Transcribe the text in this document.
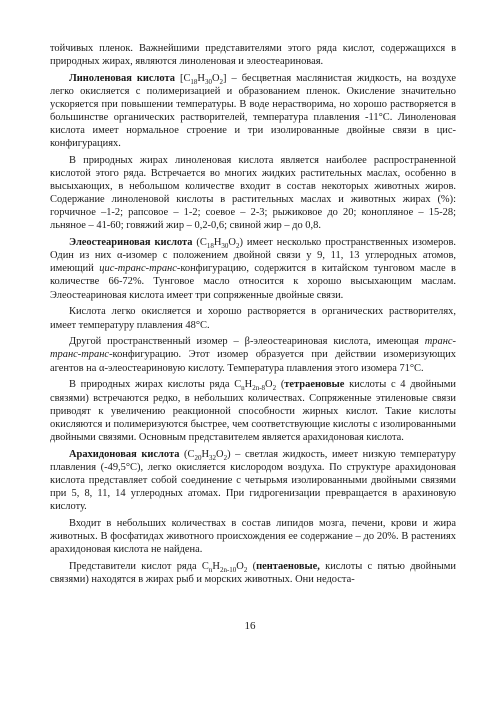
тойчивых пленок. Важнейшими представителями этого ряда кислот, содержащихся в природных жирах, являются линоленовая и элеостеариновая.

Линоленовая кислота $[C_{18}H_{30}O_2]$ – бесцветная маслянистая жидкость, на воздухе легко окисляется с полимеризацией и образованием пленок. Окисление значительно ускоряется при повышении температуры. В воде нерастворима, но хорошо растворяется в большинстве органических растворителей, температура плавления -11°С. Линоленовая кислота имеет нормальное строение и три изолированные двойные связи в цис-конфигурациях.

В природных жирах линоленовая кислота является наиболее распространенной кислотой этого ряда. Встречается во многих жидких растительных маслах, особенно в высыхающих, в небольшом количестве входит в состав некоторых животных жиров. Содержание линоленовой кислоты в растительных маслах и животных жирах (%): горчичное –1-2; рапсовое – 1-2; соевое – 2-3; рыжиковое до 20; конопляное – 15-28; льняное – 41-60; говяжий жир – 0,2-0,6; свиной жир – до 0,8.

Элеостеариновая кислота $(C_{18}H_{30}O_2)$ имеет несколько пространственных изомеров. Один из них α-изомер с положением двойной связи у 9, 11, 13 углеродных атомов, имеющий цис-транс-транс-конфигурацию, содержится в китайском тунговом масле в количестве 66-72%. Тунговое масло относится к хорошо высыхающим маслам. Элеостеариновая кислота имеет три сопряженные двойные связи.

Кислота легко окисляется и хорошо растворяется в органических растворителях, имеет температуру плавления 48°С.

Другой пространственный изомер – β-элеостеариновая кислота, имеющая транс-транс-транс-конфигурацию. Этот изомер образуется при действии изомеризующих агентов на α-элеостеариновую кислоту. Температура плавления этого изомера 71°С.

В природных жирах кислоты ряда $C_nH_{2n-8}O_2$ (тетраеновые кислоты с 4 двойными связями) встречаются редко, в небольших количествах. Сопряженные этиленовые связи приводят к увеличению реакционной способности жирных кислот. Такие кислоты окисляются и полимеризуются быстрее, чем соответствующие кислоты с изолированными двойными связями. Основным представителем является арахидоновая кислота.

Арахидоновая кислота $(C_{20}H_{32}O_2)$ – светлая жидкость, имеет низкую температуру плавления (-49,5°С), легко окисляется кислородом воздуха. По структуре арахидоновая кислота представляет собой соединение с четырьмя изолированными двойными связями при 5, 8, 11, 14 углеродных атомах. При гидрогенизации превращается в арахиновую кислоту.

Входит в небольших количествах в состав липидов мозга, печени, крови и жира животных. В фосфатидах животного происхождения ее содержание – до 20%. В растениях арахидоновая кислота не найдена.

Представители кислот ряда $C_nH_{2n-10}O_2$ (пентаеновые, кислоты с пятью двойными связями) находятся в жирах рыб и морских животных. Они недоста-

16
